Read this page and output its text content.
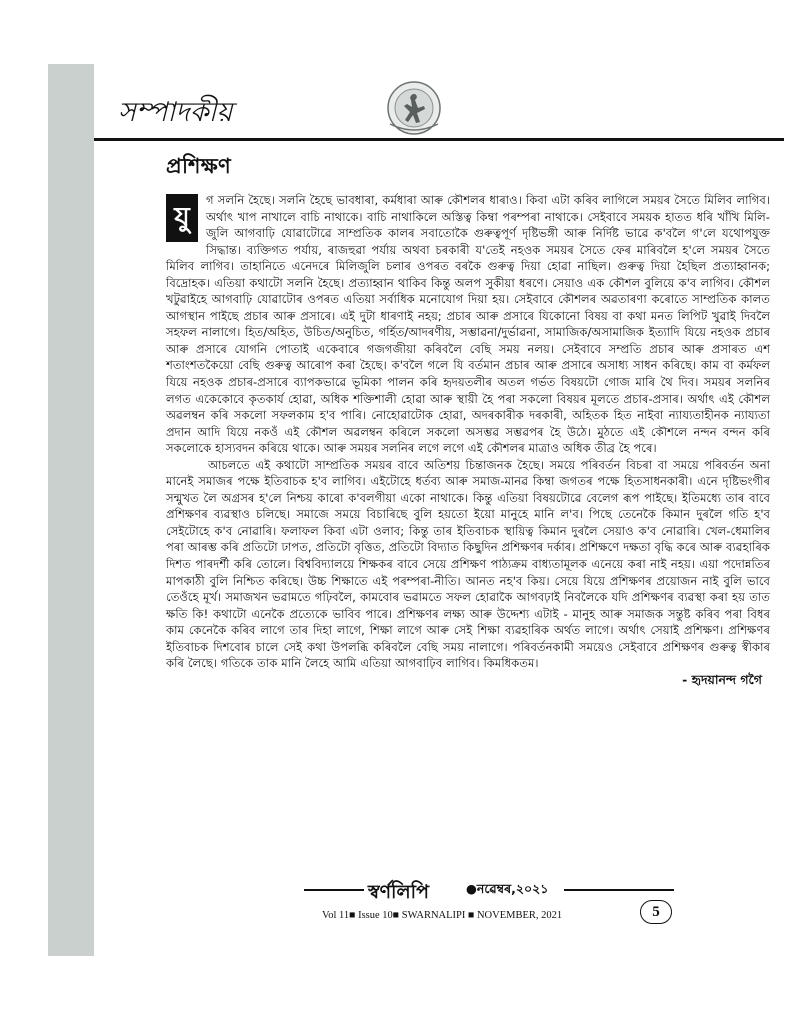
সম্পাদকীয়
প্ৰশিক্ষণ

যু
গ সলনি হৈছে। সলনি হৈছে ভাবধাৰা, কৰ্মধাৰা আৰু কৌশলৰ ধাৰাও। কিবা এটা কৰিব লাগিলে সময়ৰ সৈতে মিলিব লাগিব। অৰ্থাৎ খাপ নাখালে বাচি নাথাকে। বাচি নাথাকিলে অস্তিত্ব কিম্বা পৰম্পৰা নাথাকে। সেইবাবে সময়ক হাতত ধৰি খাঁখি মিলি-জুলি আগবাঢ়ি যোৱাটোৱে সাম্প্ৰতিক কালৰ সবাতোকৈ গুৰুত্বপূৰ্ণ দৃষ্টিভঙ্গী আৰু নিৰ্দিষ্ট ভাৱে ক'বলৈ গ'লে যথোপযুক্ত সিদ্ধান্ত। ব্যক্তিগত পৰ্যায়, ৰাজহুৱা পৰ্যায় অথবা চৰকাৰী য'তেই নহওক সময়ৰ সৈতে ফেৰ মাৰিবলৈ হ'লে সময়ৰ সৈতে মিলিব লাগিব। তাহানিতে এনেদৰে মিলিজুলি চলাৰ ওপৰত বৰকৈ গুৰুত্ব দিয়া হোৱা নাছিল। গুৰুত্ব দিয়া হৈছিল প্ৰত্যাহ্বানক; বিদ্ৰোহক। এতিয়া কথাটো সলনি হৈছে। প্ৰত্যাহ্বান থাকিব কিন্তু অলপ সুকীয়া ধৰণে। সেয়াও এক কৌশল বুলিয়ে ক'ব লাগিব। কৌশল খটুৱাইহে আগবাঢ়ি যোৱাটোৰ ওপৰত এতিয়া সৰ্বাধিক মনোযোগ দিয়া হয়। সেইবাবে কৌশলৰ অৱতাৰণা কৰোতে সাম্প্ৰতিক কালত আগস্থান পাইছে প্ৰচাৰ আৰু প্ৰসাৰে। এই দুটা ধাৰণাই নহয়; প্ৰচাৰ আৰু প্ৰসাৰে যিকোনো বিষয় বা কথা মনত লিপিট খুৱাই দিবলৈ সহফল নালাগে। হিত/অহিত, উচিত/অনুচিত, গৰ্হিত/আদৰণীয়, সম্ভাৱনা/দুৰ্ভাৱনা, সামাজিক/অসামাজিক ইত্যাদি যিয়ে নহওক প্ৰচাৰ আৰু প্ৰসাৰে যোগনি পোতাই একেবাৰে গজগজীয়া কৰিবলৈ বেছি সময় নলয়। সেইবাবে সম্প্ৰতি প্ৰচাৰ আৰু প্ৰসাৰত এশ শতাংশতকৈয়ো বেছি গুৰুত্ব আৰোপ কৰা হৈছে। ক'বলৈ গলে যি বৰ্তমান প্ৰচাৰ আৰু প্ৰসাৰে অসাধ্য সাধন কৰিছে। কাম বা কৰ্মফল যিয়ে নহওক প্ৰচাৰ-প্ৰসাৰে ব্যাপকভাৱে ভূমিকা পালন কৰি হৃদয়তলীৰ অতল গৰ্ভত বিষয়টো গোজ মাৰি থৈ দিব। সময়ৰ সলনিৰ লগত একেকোবে কৃতকাৰ্য হোৱা, অধিক শক্তিশালী হোৱা আৰু স্থায়ী হৈ পৰা সকলো বিষয়ৰ মূলতে প্ৰচাৰ-প্ৰসাৰ। অৰ্থাৎ এই কৌশল অৱলম্বন কৰি সকলো সফলকাম হ'ব পাৰি। নোহোৱাটোক হোৱা, অদৰকাৰীক দৰকাৰী, অহিতক হিত নাইবা ন্যায্যতাহীনক ন্যায্যতা প্ৰদান আদি যিয়ে নকওঁ এই কৌশল অৱলম্বন কৰিলে সকলো অসম্ভৱ সম্ভৱপৰ হৈ উঠে। মুঠতে এই কৌশলে নন্দন বন্দন কৰি সকলোকে হাস্যবদন কৰিয়ে থাকে। আৰু সময়ৰ সলনিৰ লগে লগে এই কৌশলৰ মাত্ৰাও অধিক তীব্ৰ হৈ পৰে।

আচলতে এই কথাটো সাম্প্ৰতিক সময়ৰ বাবে অতিশয় চিন্তাজনক হৈছে। সময়ে পৰিবৰ্তন বিচৰা বা সময়ে পৰিবৰ্তন অনা মানেই সমাজৰ পক্ষে ইতিবাচক হ'ব লাগিব। এইটোহে ধৰ্তব্য আৰু সমাজ-মানৱ কিম্বা জগতৰ পক্ষে হিতসাধনকাৰী। এনে দৃষ্টিভংগীৰ সন্মুখত লৈ অগ্ৰসৰ হ'লে নিশ্চয় কাৰো ক'বলগীয়া একো নাথাকে। কিন্তু এতিয়া বিষয়টোৱে বেলেগ ৰূপ পাইছে। ইতিমধ্যে তাৰ বাবে প্ৰশিক্ষণৰ ব্যৱস্থাও চলিছে। সমাজে সময়ে বিচাৰিছে বুলি হয়তো ইয়ো মানুহে মানি ল'ব। পিছে তেনেকৈ কিমান দুৰলৈ গতি হ'ব সেইটোহে ক'ব নোৱাৰি। ফলাফল কিবা এটা ওলাব; কিন্তু তাৰ ইতিবাচক স্থায়িত্ব কিমান দুৰলৈ সেয়াও ক'ব নোৱাৰি। খেল-ধেমালিৰ পৰা আৰম্ভ কৰি প্ৰতিটো ঢাপত, প্ৰতিটো বৃত্তিত, প্ৰতিটো বিদ্যাত কিছুদিন প্ৰশিক্ষণৰ দৰ্কাৰ। প্ৰশিক্ষণে দক্ষতা বৃদ্ধি কৰে আৰু ব্যৱহাৰিক দিশত পাৰদৰ্শী কৰি তোলে। বিশ্ববিদ্যালয়ে শিক্ষকৰ বাবে সেয়ে প্ৰশিক্ষণ পাঠ্যক্ৰম বাধ্যতামূলক এনেয়ে কৰা নাই নহয়। এয়া পদোন্নতিৰ মাপকাঠী বুলি নিশ্চিত কৰিছে। উচ্চ শিক্ষাতে এই পৰম্পৰা-নীতি। আনত নহ'ব কিয়। সেয়ে যিয়ে প্ৰশিক্ষণৰ প্ৰয়োজন নাই বুলি ভাবে তেওঁহে মূৰ্খ। সমাজখন ভৱামতে গঢ়িবলৈ, কামবোৰ ভৱামতে সফল হোৱাকৈ আগবঢ়াই নিবলৈকে যদি প্ৰশিক্ষণৰ ব্যৱস্থা কৰা হয় তাত ক্ষতি কি! কথাটো এনেকৈ প্ৰত্যেকে ভাবিব পাৰে। প্ৰশিক্ষণৰ লক্ষ্য আৰু উদ্দেশ্য এটাই - মানুহ আৰু সমাজক সন্তুষ্ট কৰিব পৰা বিধৰ কাম কেনেকৈ কৰিব লাগে তাৰ দিহা লাগে, শিক্ষা লাগে আৰু সেই শিক্ষা ব্যৱহাৰিক অৰ্থত লাগে। অৰ্থাৎ সেয়াই প্ৰশিক্ষণ। প্ৰশিক্ষণৰ ইতিবাচক দিশবোৰ চালে সেই কথা উপলব্ধি কৰিবলৈ বেছি সময় নালাগে। পৰিবৰ্তনকামী সময়েও সেইবাবে প্ৰশিক্ষণৰ গুৰুত্ব স্বীকাৰ কৰি লৈছে। গতিকে তাক মানি লৈহে আমি এতিয়া আগবাঢ়িব লাগিব। কিমধিকতম।

- হৃদয়ানন্দ গগৈ
স্বৰ্ণলিপি	●নৱেম্বৰ,২০২১
Vol 11■ Issue 10■ SWARNALIPI ■ NOVEMBER, 2021	5
